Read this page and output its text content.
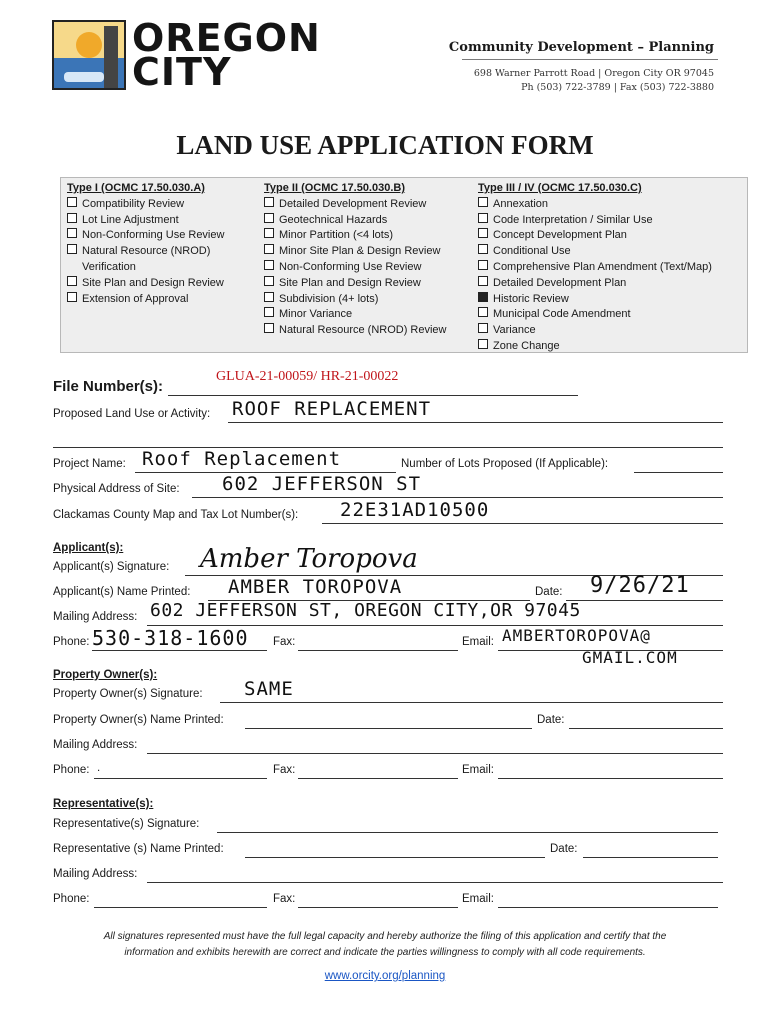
OREGON
CITY
Community Development – Planning
698 Warner Parrott Road | Oregon City OR 97045
Ph (503) 722-3789 | Fax (503) 722-3880
LAND USE APPLICATION FORM
Type I (OCMC 17.50.030.A)
Compatibility Review
Lot Line Adjustment
Non-Conforming Use Review
Natural Resource (NROD)
Verification
Site Plan and Design Review
Extension of Approval
Type II (OCMC 17.50.030.B)
Detailed Development Review
Geotechnical Hazards
Minor Partition (<4 lots)
Minor Site Plan & Design Review
Non-Conforming Use Review
Site Plan and Design Review
Subdivision (4+ lots)
Minor Variance
Natural Resource (NROD) Review
Type III / IV (OCMC 17.50.030.C)
Annexation
Code Interpretation / Similar Use
Concept Development Plan
Conditional Use
Comprehensive Plan Amendment (Text/Map)
Detailed Development Plan
Historic Review
Municipal Code Amendment
Variance
Zone Change
GLUA-21-00059/ HR-21-00022
File Number(s):
Proposed Land Use or Activity: ROOF REPLACEMENT
Project Name: Roof Replacement	Number of Lots Proposed (If Applicable):
Physical Address of Site: 602 JEFFERSON ST
Clackamas County Map and Tax Lot Number(s): 22E31AD10500
Applicant(s):
Applicant(s) Signature: Amber Toropova
Applicant(s) Name Printed: AMBER TOROPOVA	Date: 9/26/21
Mailing Address: 602 JEFFERSON ST, OREGON CITY,OR 97045
Phone: 530-318-1600 Fax:	Email: AMBERTOROPOVA@
GMAIL.COM
Property Owner(s):
Property Owner(s) Signature: SAME
Property Owner(s) Name Printed:	Date:
Mailing Address:
Phone: .	Fax:	Email:
Representative(s):
Representative(s) Signature:
Representative (s) Name Printed:	Date:
Mailing Address:
Phone:	Fax:	Email:
All signatures represented must have the full legal capacity and hereby authorize the filing of this application and certify that the information and exhibits herewith are correct and indicate the parties willingness to comply with all code requirements.
www.orcity.org/planning
